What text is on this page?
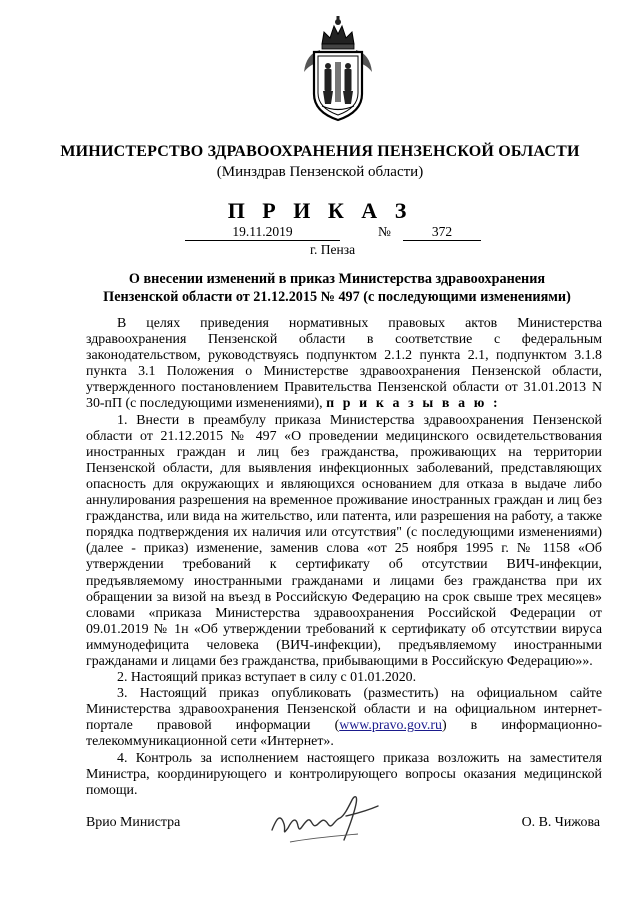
МИНИСТЕРСТВО ЗДРАВООХРАНЕНИЯ ПЕНЗЕНСКОЙ ОБЛАСТИ
(Минздрав Пензенской области)
П Р И К А З
19.11.2019	№	372
г. Пенза
О внесении изменений в приказ Министерства здравоохранения Пензенской области от 21.12.2015 № 497 (с последующими изменениями)

В целях приведения нормативных правовых актов Министерства здравоохранения Пензенской области в соответствие с федеральным законодательством, руководствуясь подпунктом 2.1.2 пункта 2.1, подпунктом 3.1.8 пункта 3.1 Положения о Министерстве здравоохранения Пензенской области, утвержденного постановлением Правительства Пензенской области от 31.01.2013 N 30-пП (с последующими изменениями), п р и к а з ы в а ю :

1. Внести в преамбулу приказа Министерства здравоохранения Пензенской области от 21.12.2015 № 497 «О проведении медицинского освидетельствования иностранных граждан и лиц без гражданства, проживающих на территории Пензенской области, для выявления инфекционных заболеваний, представляющих опасность для окружающих и являющихся основанием для отказа в выдаче либо аннулирования разрешения на временное проживание иностранных граждан и лиц без гражданства, или вида на жительство, или патента, или разрешения на работу, а также порядка подтверждения их наличия или отсутствия" (с последующими изменениями) (далее - приказ) изменение, заменив слова «от 25 ноября 1995 г. № 1158 «Об утверждении требований к сертификату об отсутствии ВИЧ-инфекции, предъявляемому иностранными гражданами и лицами без гражданства при их обращении за визой на въезд в Российскую Федерацию на срок свыше трех месяцев» словами «приказа Министерства здравоохранения Российской Федерации от 09.01.2019 № 1н «Об утверждении требований к сертификату об отсутствии вируса иммунодефицита человека (ВИЧ-инфекции), предъявляемому иностранными гражданами и лицами без гражданства, прибывающими в Российскую Федерацию»».

2. Настоящий приказ вступает в силу с 01.01.2020.

3. Настоящий приказ опубликовать (разместить) на официальном сайте Министерства здравоохранения Пензенской области и на официальном интернет-портале правовой информации (www.pravo.gov.ru) в информационно-телекоммуникационной сети «Интернет».

4. Контроль за исполнением настоящего приказа возложить на заместителя Министра, координирующего и контролирующего вопросы оказания медицинской помощи.

Врио Министра	О. В. Чижова
